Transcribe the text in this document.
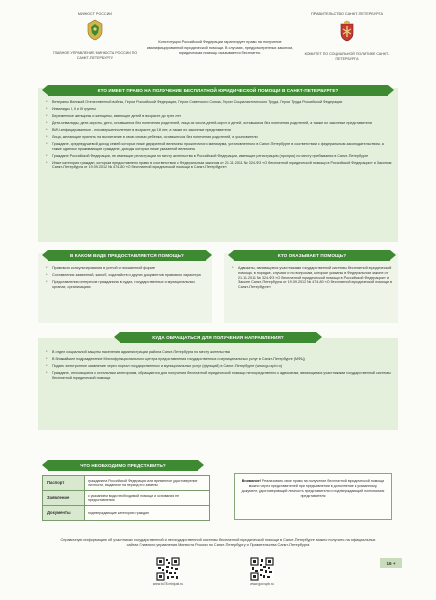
МИНЮСТ РОССИИ
ГЛАВНОЕ УПРАВЛЕНИЕ МИНЮСТА РОССИИ ПО САНКТ-ПЕТЕРБУРГУ
ПРАВИТЕЛЬСТВО САНКТ-ПЕТЕРБУРГА
КОМИТЕТ ПО СОЦИАЛЬНОЙ ПОЛИТИКЕ САНКТ-ПЕТЕРБУРГА
Конституция Российской Федерации гарантирует право на получение квалифицированной юридической помощи. В случаях, предусмотренных законом, юридическая помощь оказывается бесплатно.
КТО ИМЕЕТ ПРАВО НА ПОЛУЧЕНИЕ БЕСПЛАТНОЙ ЮРИДИЧЕСКОЙ ПОМОЩИ В САНКТ-ПЕТЕРБУРГЕ?
* Ветераны Великой Отечественной войны, Герои Российской Федерации, Герои Советского Союза, Герои Социалистического Труда, Герои Труда Российской Федерации
* Инвалиды I, II и III группы
* Беременные женщины и женщины, имеющие детей в возрасте до трех лет
* Дети-инвалиды, дети-сироты, дети, оставшиеся без попечения родителей, лица из числа детей-сирот и детей, оставшихся без попечения родителей, а также их законные представители
* ВИЧ-инфицированные - несовершеннолетние в возрасте до 18 лет, а также их законные представители
* Лица, желающие принять на воспитание в свою семью ребенка, оставшегося без попечения родителей, и усыновители
* Граждане, среднедушевой доход семей которых ниже двукратной величины прожиточного минимума, установленного в Санкт-Петербурге в соответствии с федеральным законодательством, а также одиноко проживающие граждане, доходы которых ниже указанной величины
* Граждане Российской Федерации, не имеющие регистрации по месту жительства в Российской Федерации, имеющие регистрацию (пропуск) по месту пребывания в Санкт-Петербурге
* Иные категории граждан, которым предоставлено право в соответствии с Федеральным законом от 21.11.2011 № 324-ФЗ «О бесплатной юридической помощи в Российской Федерации» и Законом Санкт-Петербурга от 19.09.2012 № 474-80 «О бесплатной юридической помощи в Санкт-Петербурге»
В КАКОМ ВИДЕ ПРЕДОСТАВЛЯЕТСЯ ПОМОЩЬ?
* Правового консультирования в устной и письменной форме
* Составления заявлений, жалоб, ходатайств и других документов правового характера
* Представления интересов гражданина в судах, государственных и муниципальных органах, организациях
КТО ОКАЗЫВАЕТ ПОМОЩЬ?
* Адвокаты, являющиеся участниками государственной системы бесплатной юридической помощи, в порядке, случаях и по вопросам, которые указаны в Федеральном законе от 21.11.2011 № 324-ФЗ «О бесплатной юридической помощи в Российской Федерации» и Законе Санкт-Петербурга от 19.09.2012 № 474-80 «О бесплатной юридической помощи в Санкт-Петербурге»
КУДА ОБРАЩАТЬСЯ ДЛЯ ПОЛУЧЕНИЯ НАПРАВЛЕНИЯ?
* В отдел социальной защиты населения администрации района Санкт-Петербурга по месту жительства
* В ближайшее подразделение Многофункционального центра предоставления государственных и муниципальных услуг в Санкт-Петербурге (МФЦ)
* Подать электронное заявление через портал государственных и муниципальных услуг (функций) в Санкт-Петербурге (www.gu.spb.ru)
* Граждане, относящиеся к остальным категориям, обращаются для получения бесплатной юридической помощи непосредственно к адвокатам, являющимся участниками государственной системы бесплатной юридической помощи
ЧТО НЕОБХОДИМО ПРЕДСТАВИТЬ?
Паспорт	гражданина Российской Федерации или временное удостоверение личности, выданное на период его замены
Заявление	с указанием вида необходимой помощи и основания ее предоставления
Документы	подтверждающие категорию граждан
Внимание! Реализовать свое право на получение бесплатной юридической помощи можно через представителей при предъявлении в дополнение к указанному, документ, удостоверяющий личность представителя и подтверждающий полномочия представителя
Справочную информацию об участниках государственной и негосударственной системы бесплатной юридической помощи в Санкт-Петербурге можно получить на официальных сайтах Главного управления Минюста России по Санкт-Петербургу и Правительства Санкт-Петербурга
www.to78.minjust.ru	www.gov.spb.ru
16 +
